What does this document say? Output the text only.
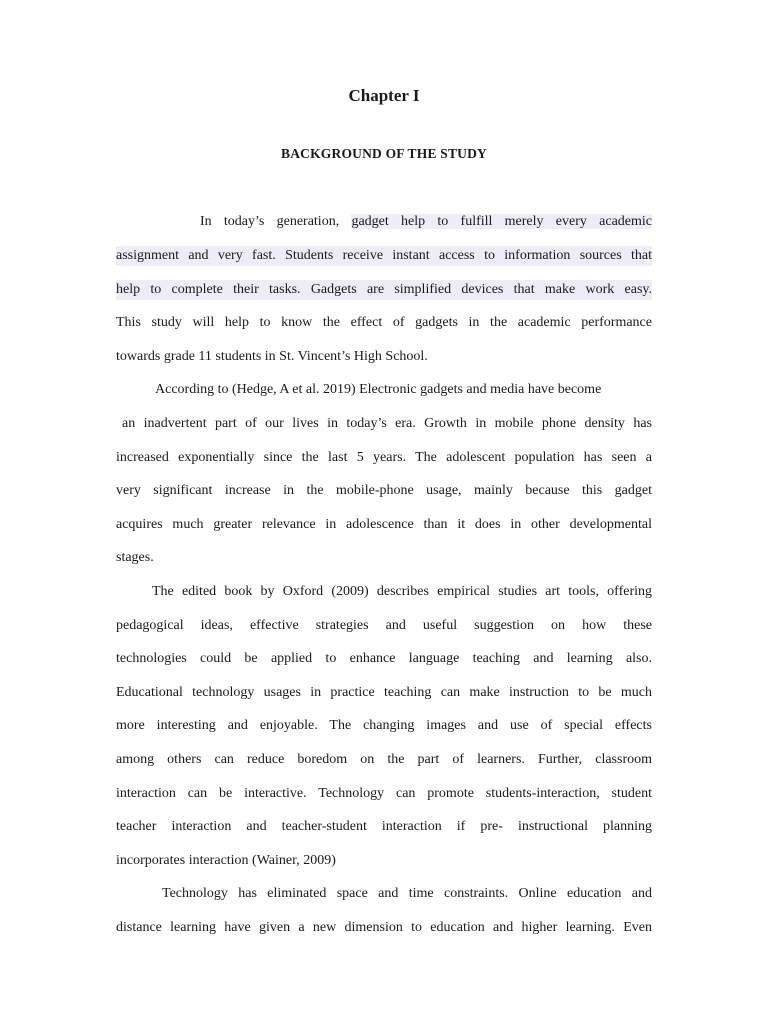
Chapter I
BACKGROUND OF THE STUDY
In today’s generation, gadget help to fulfill merely every academic
assignment and very fast. Students receive instant access to information sources that
help to complete their tasks. Gadgets are simplified devices that make work easy.
This study will help to know the effect of gadgets in the academic performance
towards grade 11 students in St. Vincent’s High School.
According to (Hedge, A et al. 2019) Electronic gadgets and media have become
an inadvertent part of our lives in today’s era. Growth in mobile phone density has
increased exponentially since the last 5 years. The adolescent population has seen a
very significant increase in the mobile-phone usage, mainly because this gadget
acquires much greater relevance in adolescence than it does in other developmental
stages.
The edited book by Oxford (2009) describes empirical studies art tools, offering
pedagogical ideas, effective strategies and useful suggestion on how these
technologies could be applied to enhance language teaching and learning also.
Educational technology usages in practice teaching can make instruction to be much
more interesting and enjoyable. The changing images and use of special effects
among others can reduce boredom on the part of learners. Further, classroom
interaction can be interactive. Technology can promote students-interaction, student
teacher interaction and teacher-student interaction if pre- instructional planning
incorporates interaction (Wainer, 2009)
Technology has eliminated space and time constraints. Online education and
distance learning have given a new dimension to education and higher learning. Even
